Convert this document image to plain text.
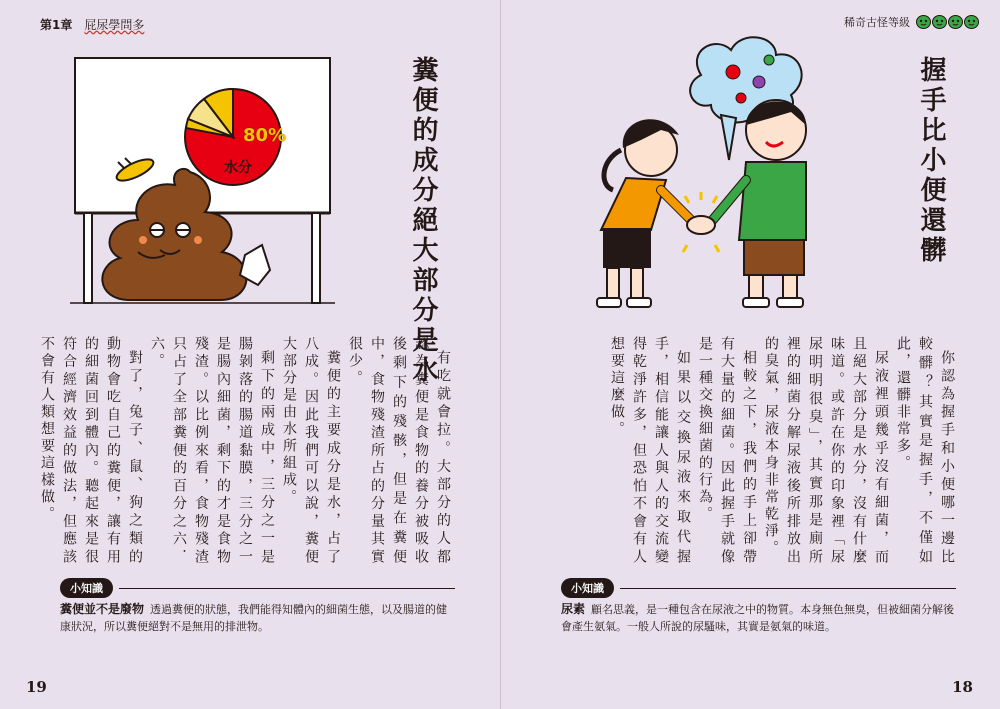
第1章 屁尿學問多
80%
水分	糞便的成分絕大部分是水

有吃就會拉。大部分的人都認為糞便是食物的養分被吸收後剩下的殘骸，但是在糞便中，食物殘渣所占的分量其實很少。

糞便的主要成分是水，占了八成。因此我們可以說，糞便大部分是由水所組成。

剩下的兩成中，三分之一是腸剝落的腸道黏膜，三分之一是腸內細菌，剩下的才是食物殘渣。以比例來看，食物殘渣只占了全部糞便的百分之六．六。

對了，兔子、鼠、狗之類的動物會吃自己的糞便，讓有用的細菌回到體內。聽起來是很符合經濟效益的做法，但應該不會有人類想要這樣做。

小知識
糞便並不是廢物 透過糞便的狀態，我們能得知體內的細菌生態，以及腸道的健康狀況，所以糞便絕對不是無用的排泄物。
19
稀奇古怪等級
握手比小便還髒

你認為握手和小便哪一邊比較髒？其實是握手，不僅如此，還髒非常多。

尿液裡頭幾乎沒有細菌，而且絕大部分是水分，沒有什麼味道。或許在你的印象裡「尿尿明明很臭」，其實那是廁所裡的細菌分解尿液後所排放出的臭氣，尿液本身非常乾淨。

相較之下，我們的手上卻帶有大量的細菌。因此握手就像是一種交換細菌的行為。

如果以交換尿液來取代握手，相信能讓人與人的交流變得乾淨許多，但恐怕不會有人想要這麼做。

小知識
尿素 顧名思義，是一種包含在尿液之中的物質。本身無色無臭，但被細菌分解後會產生氨氣。一般人所說的尿騷味，其實是氨氣的味道。
18
